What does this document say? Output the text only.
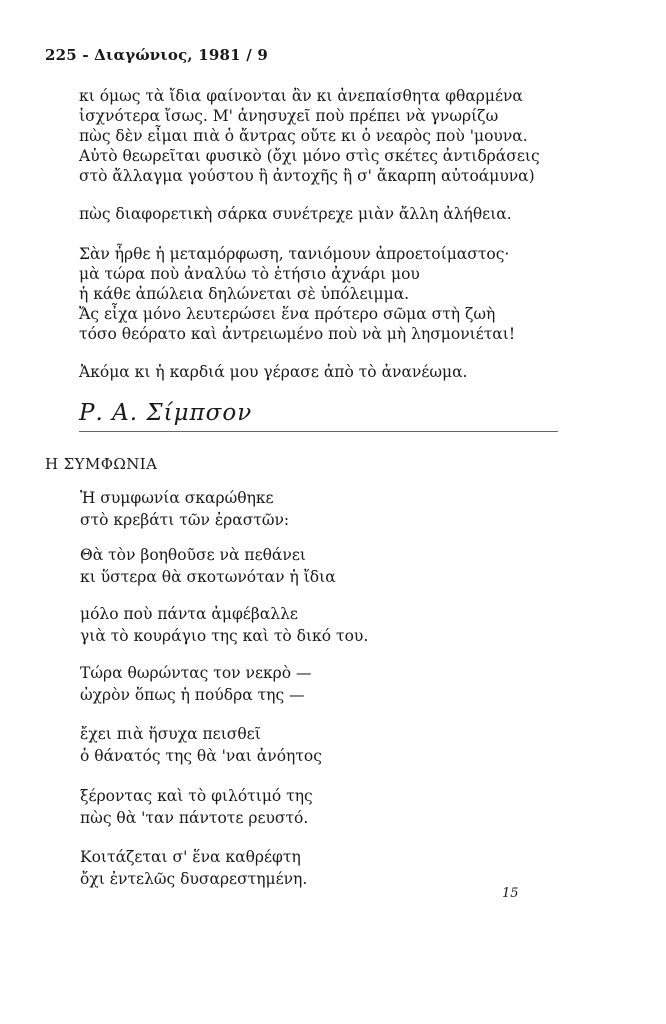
225 - Διαγώνιος, 1981 / 9
κι όμως τὰ ἴδια φαίνονται ἂν κι ἀνεπαίσθητα φθαρμένα
ἰσχνότερα ἴσως. Μ' ἀνησυχεῖ ποὺ πρέπει νὰ γνωρίζω
πὼς δὲν εἶμαι πιὰ ὁ ἄντρας οὔτε κι ὁ νεαρὸς ποὺ 'μουνα.
Αὐτὸ θεωρεῖται φυσικὸ (ὄχι μόνο στὶς σκέτες ἀντιδράσεις
στὸ ἄλλαγμα γούστου ἢ ἀντοχῆς ἢ σ' ἄκαρπη αὐτοάμυνα)
πὼς διαφορετικὴ σάρκα συνέτρεχε μιὰν ἄλλη ἀλήθεια.
Σὰν ἦρθε ἡ μεταμόρφωση, τανιόμουν ἀπροετοίμαστος·
μὰ τώρα ποὺ ἀναλύω τὸ ἐτήσιο ἀχνάρι μου
ἡ κάθε ἀπώλεια δηλώνεται σὲ ὑπόλειμμα.
Ἄς εἶχα μόνο λευτερώσει ἕνα πρότερο σῶμα στὴ ζωὴ
τόσο θεόρατο καὶ ἀντρειωμένο ποὺ νὰ μὴ λησμονιέται!
Ἀκόμα κι ἡ καρδιά μου γέρασε ἀπὸ τὸ ἀνανέωμα.
Ρ. Α. Σίμπσον
Η ΣΥΜΦΩΝΙΑ
Ἡ συμφωνία σκαρώθηκε
στὸ κρεβάτι τῶν ἐραστῶν:
Θὰ τὸν βοηθοῦσε νὰ πεθάνει
κι ὕστερα θὰ σκοτωνόταν ἡ ἴδια
μόλο ποὺ πάντα ἀμφέβαλλε
γιὰ τὸ κουράγιο της καὶ τὸ δικό του.
Τώρα θωρώντας τον νεκρὸ —
ὠχρὸν ὅπως ἡ πούδρα της —
ἔχει πιὰ ἥσυχα πεισθεῖ
ὁ θάνατός της θὰ 'ναι ἀνόητος
ξέροντας καὶ τὸ φιλότιμό της
πὼς θὰ 'ταν πάντοτε ρευστό.
Κοιτάζεται σ' ἕνα καθρέφτη
ὄχι ἐντελῶς δυσαρεστημένη.
15
